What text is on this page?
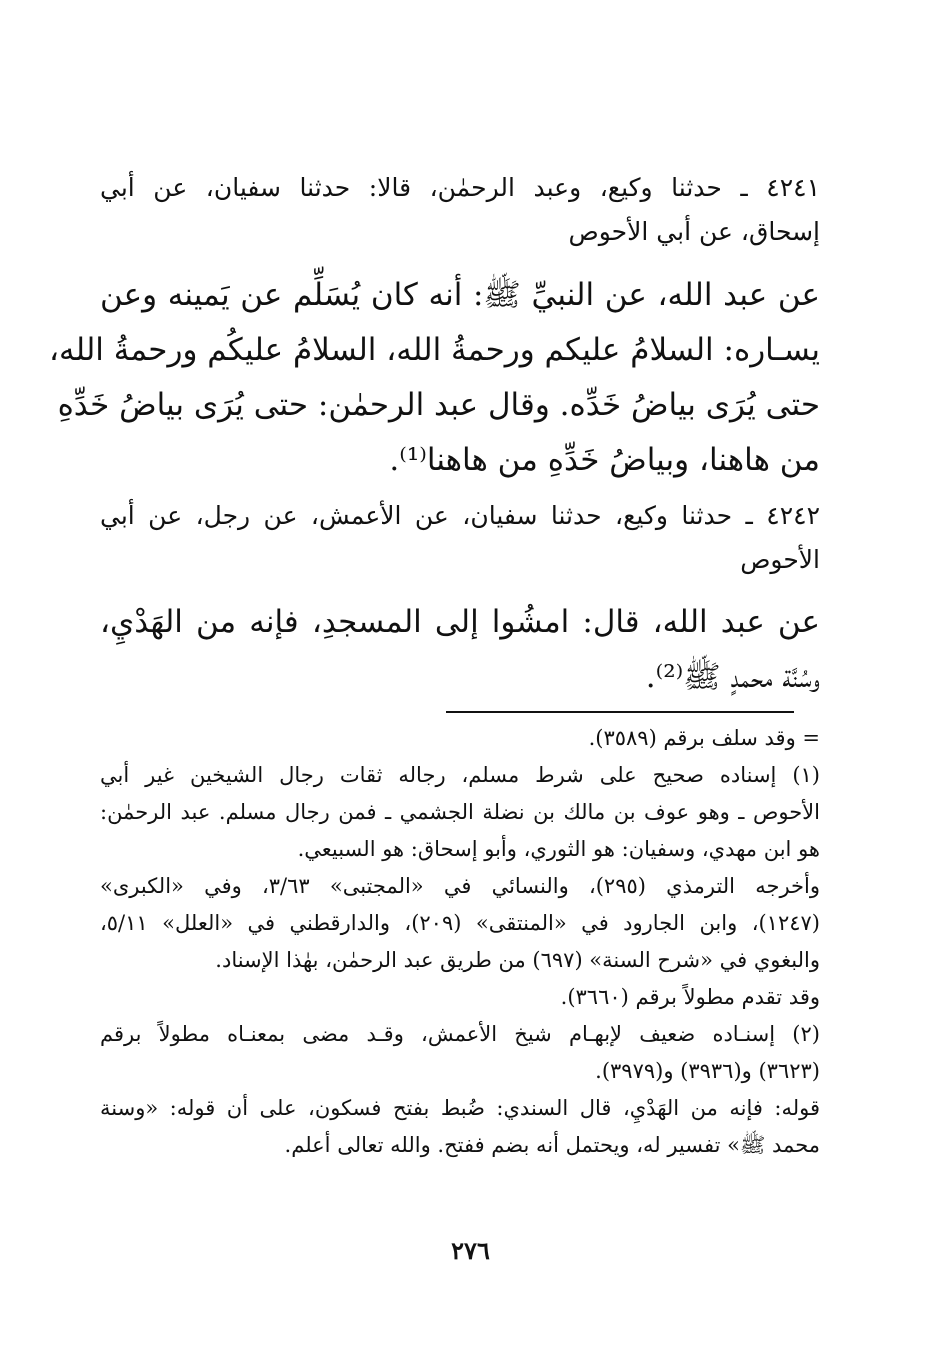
٤٢٤١ ـ حدثنا وكيع، وعبد الرحمٰن، قالا: حدثنا سفيان، عن أبي
إسحاق، عن أبي الأحوص
عن عبد الله، عن النبيِّ ﷺ: أنه كان يُسَلِّم عن يَمينه وعن
يسـاره: السلامُ عليكم ورحمةُ الله، السلامُ عليكُم ورحمةُ الله،
حتى يُرَى بياضُ خَدِّه. وقال عبد الرحمٰن: حتى يُرَى بياضُ خَدِّهِ
من هاهنا، وبياضُ خَدِّهِ من هاهنا⁽¹⁾.
٤٢٤٢ ـ حدثنا وكيع، حدثنا سفيان، عن الأعمش، عن رجل، عن أبي
الأحوص
عن عبد الله، قال: امشُوا إلى المسجدِ، فإنه من الهَدْيِ،
وسُنَّة محمدٍ ﷺ⁽²⁾.
= وقد سلف برقم (٣٥٨٩).
(١) إسناده صحيح على شرط مسلم، رجاله ثقات رجال الشيخين غير أبي
الأحوص ـ وهو عوف بن مالك بن نضلة الجشمي ـ فمن رجال مسلم. عبد الرحمٰن:
هو ابن مهدي، وسفيان: هو الثوري، وأبو إسحاق: هو السبيعي.
وأخرجه الترمذي (٢٩٥)، والنسائي في «المجتبى» ٣/٦٣، وفي «الكبرى»
(١٢٤٧)، وابن الجارود في «المنتقى» (٢٠٩)، والدارقطني في «العلل» ٥/١١،
والبغوي في «شرح السنة» (٦٩٧) من طريق عبد الرحمٰن، بهٰذا الإسناد.
وقد تقدم مطولاً برقم (٣٦٦٠).
(٢) إسنـاده ضعيف لإبهـام شيخ الأعمش، وقـد مضى بمعنـاه مطولاً برقم
(٣٦٢٣) و(٣٩٣٦) و(٣٩٧٩).
قوله: فإنه من الهَدْيِ، قال السندي: ضُبط بفتح فسكون، على أن قوله: «وسنة
محمد ﷺ» تفسير له، ويحتمل أنه بضم ففتح. والله تعالى أعلم.
٢٧٦
